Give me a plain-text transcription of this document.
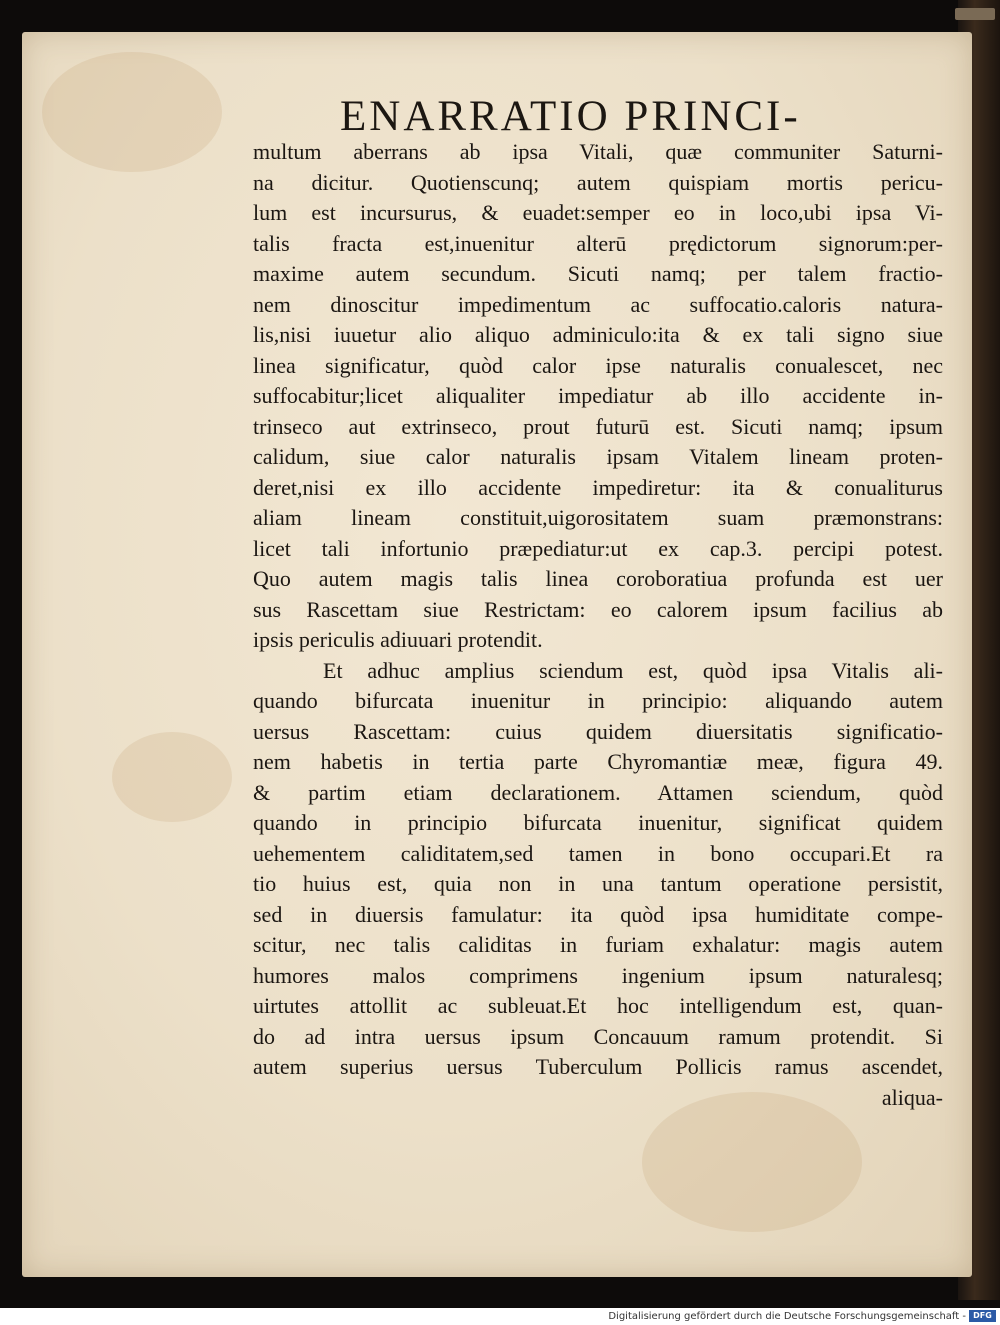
ENARRATIO PRINCI-
multum aberrans ab ipsa Vitali, quæ communiter Saturni-
na dicitur. Quotienscunq; autem quispiam mortis pericu-
lum est incursurus, & euadet:semper eo in loco,ubi ipsa Vi-
talis fracta est,inuenitur alterū prędictorum signorum:per-
maxime autem secundum. Sicuti namq; per talem fractio-
nem dinoscitur impedimentum ac suffocatio.caloris natura-
lis,nisi iuuetur alio aliquo adminiculo:ita & ex tali signo siue
linea significatur, quòd calor ipse naturalis conualescet, nec
suffocabitur;licet aliqualiter impediatur ab illo accidente in-
trinseco aut extrinseco, prout futurū est. Sicuti namq; ipsum
calidum, siue calor naturalis ipsam Vitalem lineam proten-
deret,nisi ex illo accidente impediretur: ita & conualiturus
aliam lineam constituit,uigorositatem suam præmonstrans:
licet tali infortunio præpediatur:ut ex cap.3. percipi potest.
Quo autem magis talis linea coroboratiua profunda est uer
sus Rascettam siue Restrictam: eo calorem ipsum facilius ab
ipsis periculis adiuuari protendit.
Et adhuc amplius sciendum est, quòd ipsa Vitalis ali-
quando bifurcata inuenitur in principio: aliquando autem
uersus Rascettam: cuius quidem diuersitatis significatio-
nem habetis in tertia parte Chyromantiæ meæ, figura 49.
& partim etiam declarationem. Attamen sciendum, quòd
quando in principio bifurcata inuenitur, significat quidem
uehementem caliditatem,sed tamen in bono occupari.Et ra
tio huius est, quia non in una tantum operatione persistit,
sed in diuersis famulatur: ita quòd ipsa humiditate compe-
scitur, nec talis caliditas in furiam exhalatur: magis autem
humores malos comprimens ingenium ipsum naturalesq;
uirtutes attollit ac subleuat.Et hoc intelligendum est, quan-
do ad intra uersus ipsum Concauum ramum protendit. Si
autem superius uersus Tuberculum Pollicis ramus ascendet,
aliqua-
Digitalisierung gefördert durch die Deutsche Forschungsgemeinschaft - DFG
